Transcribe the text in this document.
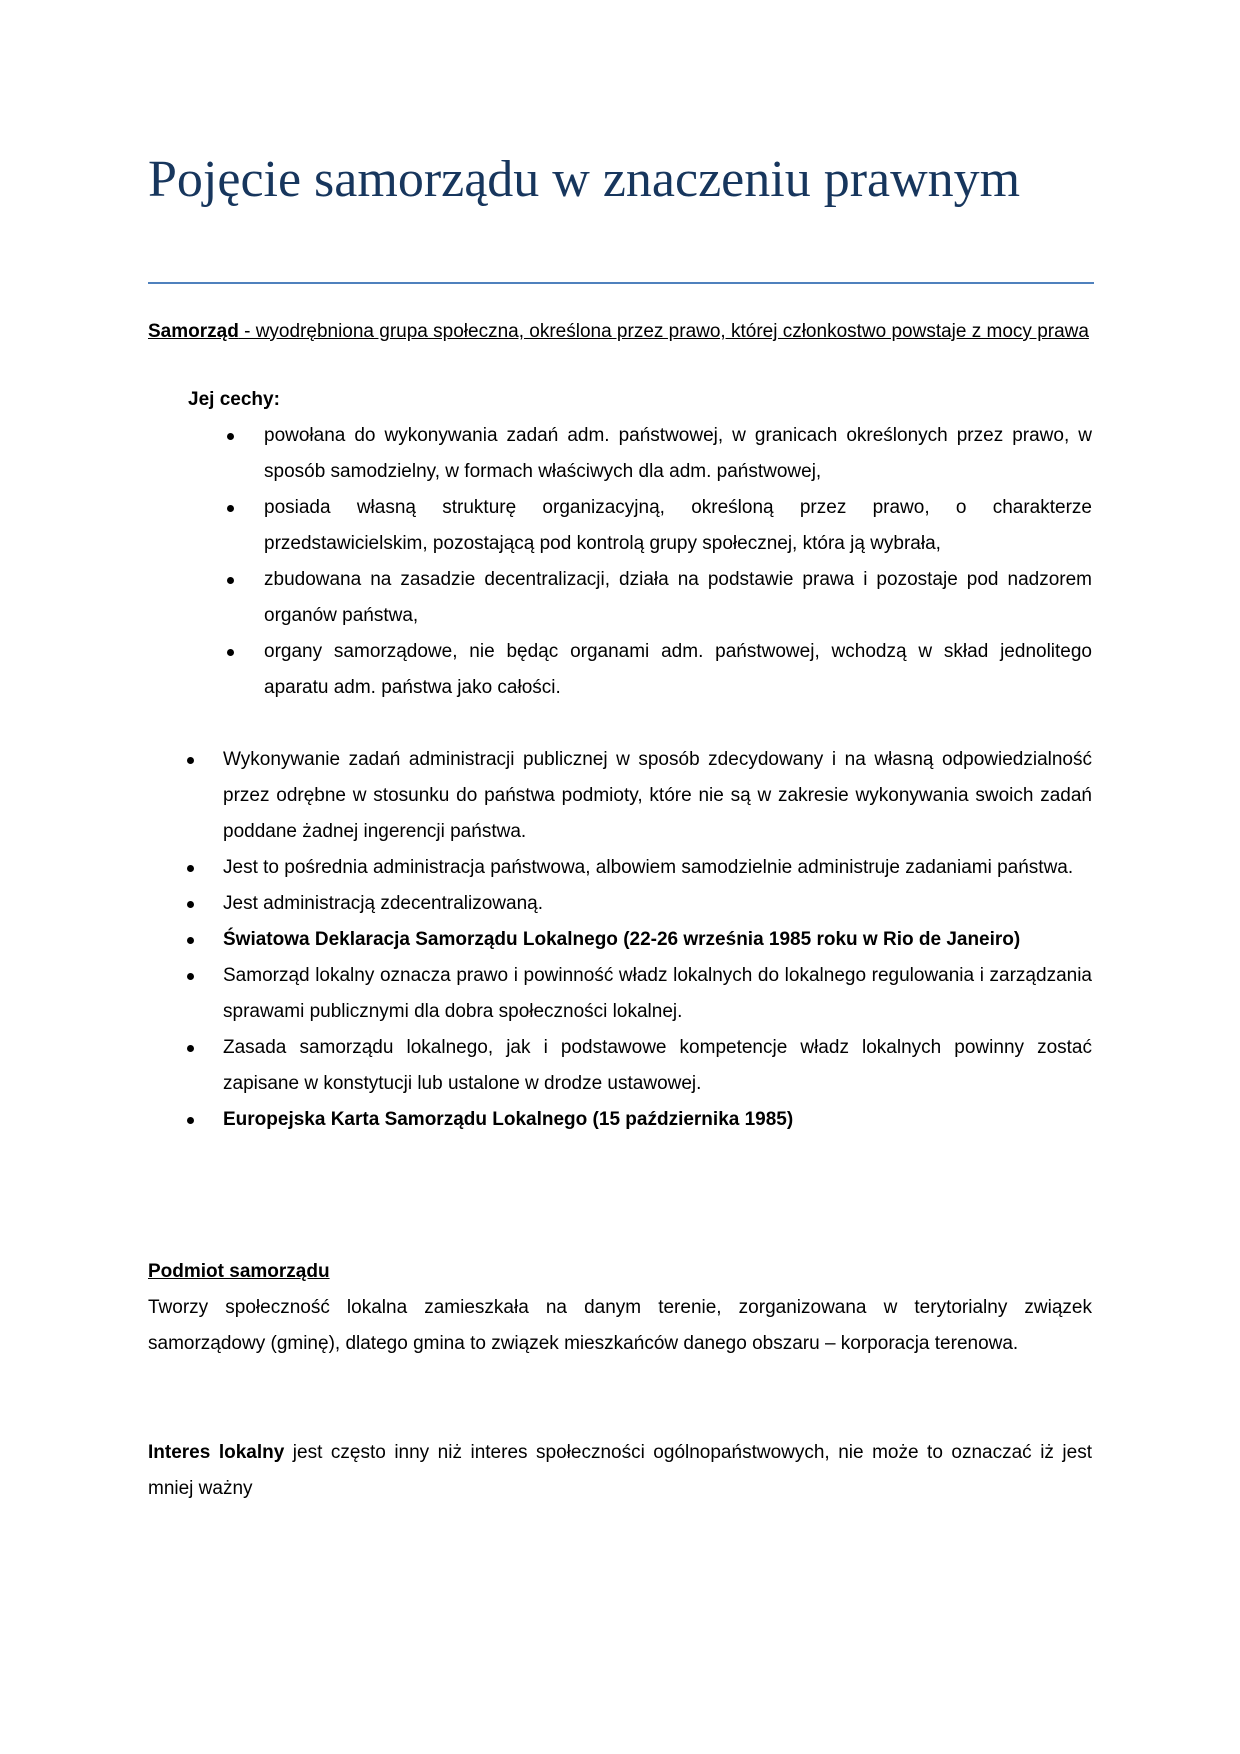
Pojęcie samorządu w znaczeniu prawnym

Samorząd - wyodrębniona grupa społeczna, określona przez prawo, której członkostwo powstaje z mocy prawa

Jej cechy:

powołana do wykonywania zadań adm. państwowej, w granicach określonych przez prawo, w sposób samodzielny, w formach właściwych dla adm. państwowej,
posiada własną strukturę organizacyjną, określoną przez prawo, o charakterze przedstawicielskim, pozostającą pod kontrolą grupy społecznej, która ją wybrała,
zbudowana na zasadzie decentralizacji, działa na podstawie prawa i pozostaje pod nadzorem organów państwa,
organy samorządowe, nie będąc organami adm. państwowej, wchodzą w skład jednolitego aparatu adm. państwa jako całości.
Wykonywanie zadań administracji publicznej w sposób zdecydowany i na własną odpowiedzialność przez odrębne w stosunku do państwa podmioty, które nie są w zakresie wykonywania swoich zadań poddane żadnej ingerencji państwa.
Jest to pośrednia administracja państwowa, albowiem samodzielnie administruje zadaniami państwa.
Jest administracją zdecentralizowaną.
Światowa Deklaracja Samorządu Lokalnego (22-26 września 1985 roku w Rio de Janeiro)
Samorząd lokalny oznacza prawo i powinność władz lokalnych do lokalnego regulowania i zarządzania sprawami publicznymi dla dobra społeczności lokalnej.
Zasada samorządu lokalnego, jak i podstawowe kompetencje władz lokalnych powinny zostać zapisane w konstytucji lub ustalone w drodze ustawowej.
Europejska Karta Samorządu Lokalnego (15 października 1985)

Podmiot samorządu

Tworzy społeczność lokalna zamieszkała na danym terenie, zorganizowana w terytorialny związek samorządowy (gminę), dlatego gmina to związek mieszkańców danego obszaru – korporacja terenowa.

Interes lokalny jest często inny niż interes społeczności ogólnopaństwowych, nie może to oznaczać iż jest mniej ważny
